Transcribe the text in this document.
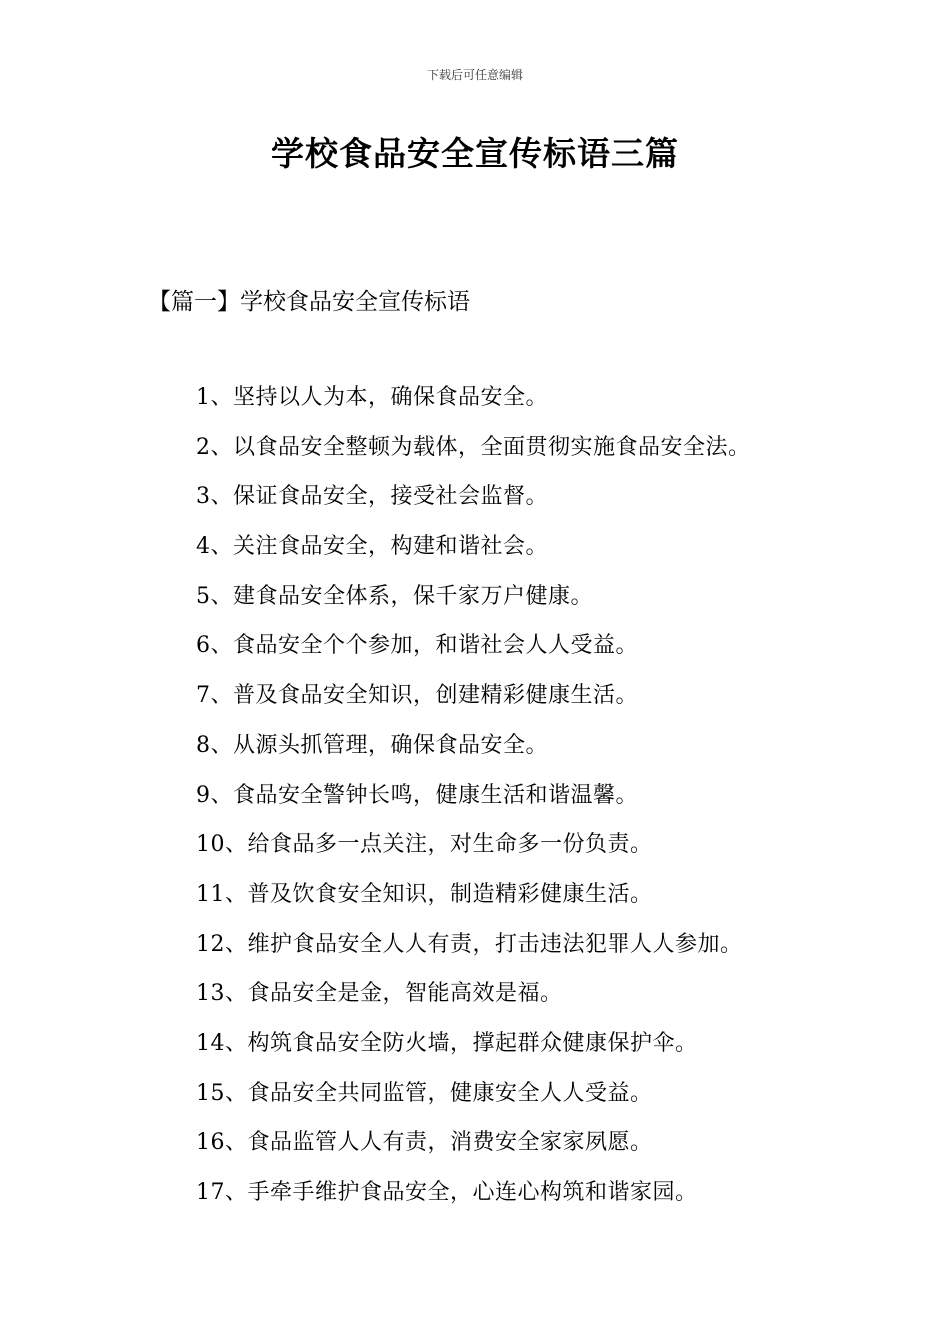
下载后可任意编辑
学校食品安全宣传标语三篇
【篇一】学校食品安全宣传标语
1、坚持以人为本，确保食品安全。
2、以食品安全整顿为载体，全面贯彻实施食品安全法。
3、保证食品安全，接受社会监督。
4、关注食品安全，构建和谐社会。
5、建食品安全体系，保千家万户健康。
6、食品安全个个参加，和谐社会人人受益。
7、普及食品安全知识，创建精彩健康生活。
8、从源头抓管理，确保食品安全。
9、食品安全警钟长鸣，健康生活和谐温馨。
10、给食品多一点关注，对生命多一份负责。
11、普及饮食安全知识，制造精彩健康生活。
12、维护食品安全人人有责，打击违法犯罪人人参加。
13、食品安全是金，智能高效是福。
14、构筑食品安全防火墙，撑起群众健康保护伞。
15、食品安全共同监管，健康安全人人受益。
16、食品监管人人有责，消费安全家家夙愿。
17、手牵手维护食品安全，心连心构筑和谐家园。
